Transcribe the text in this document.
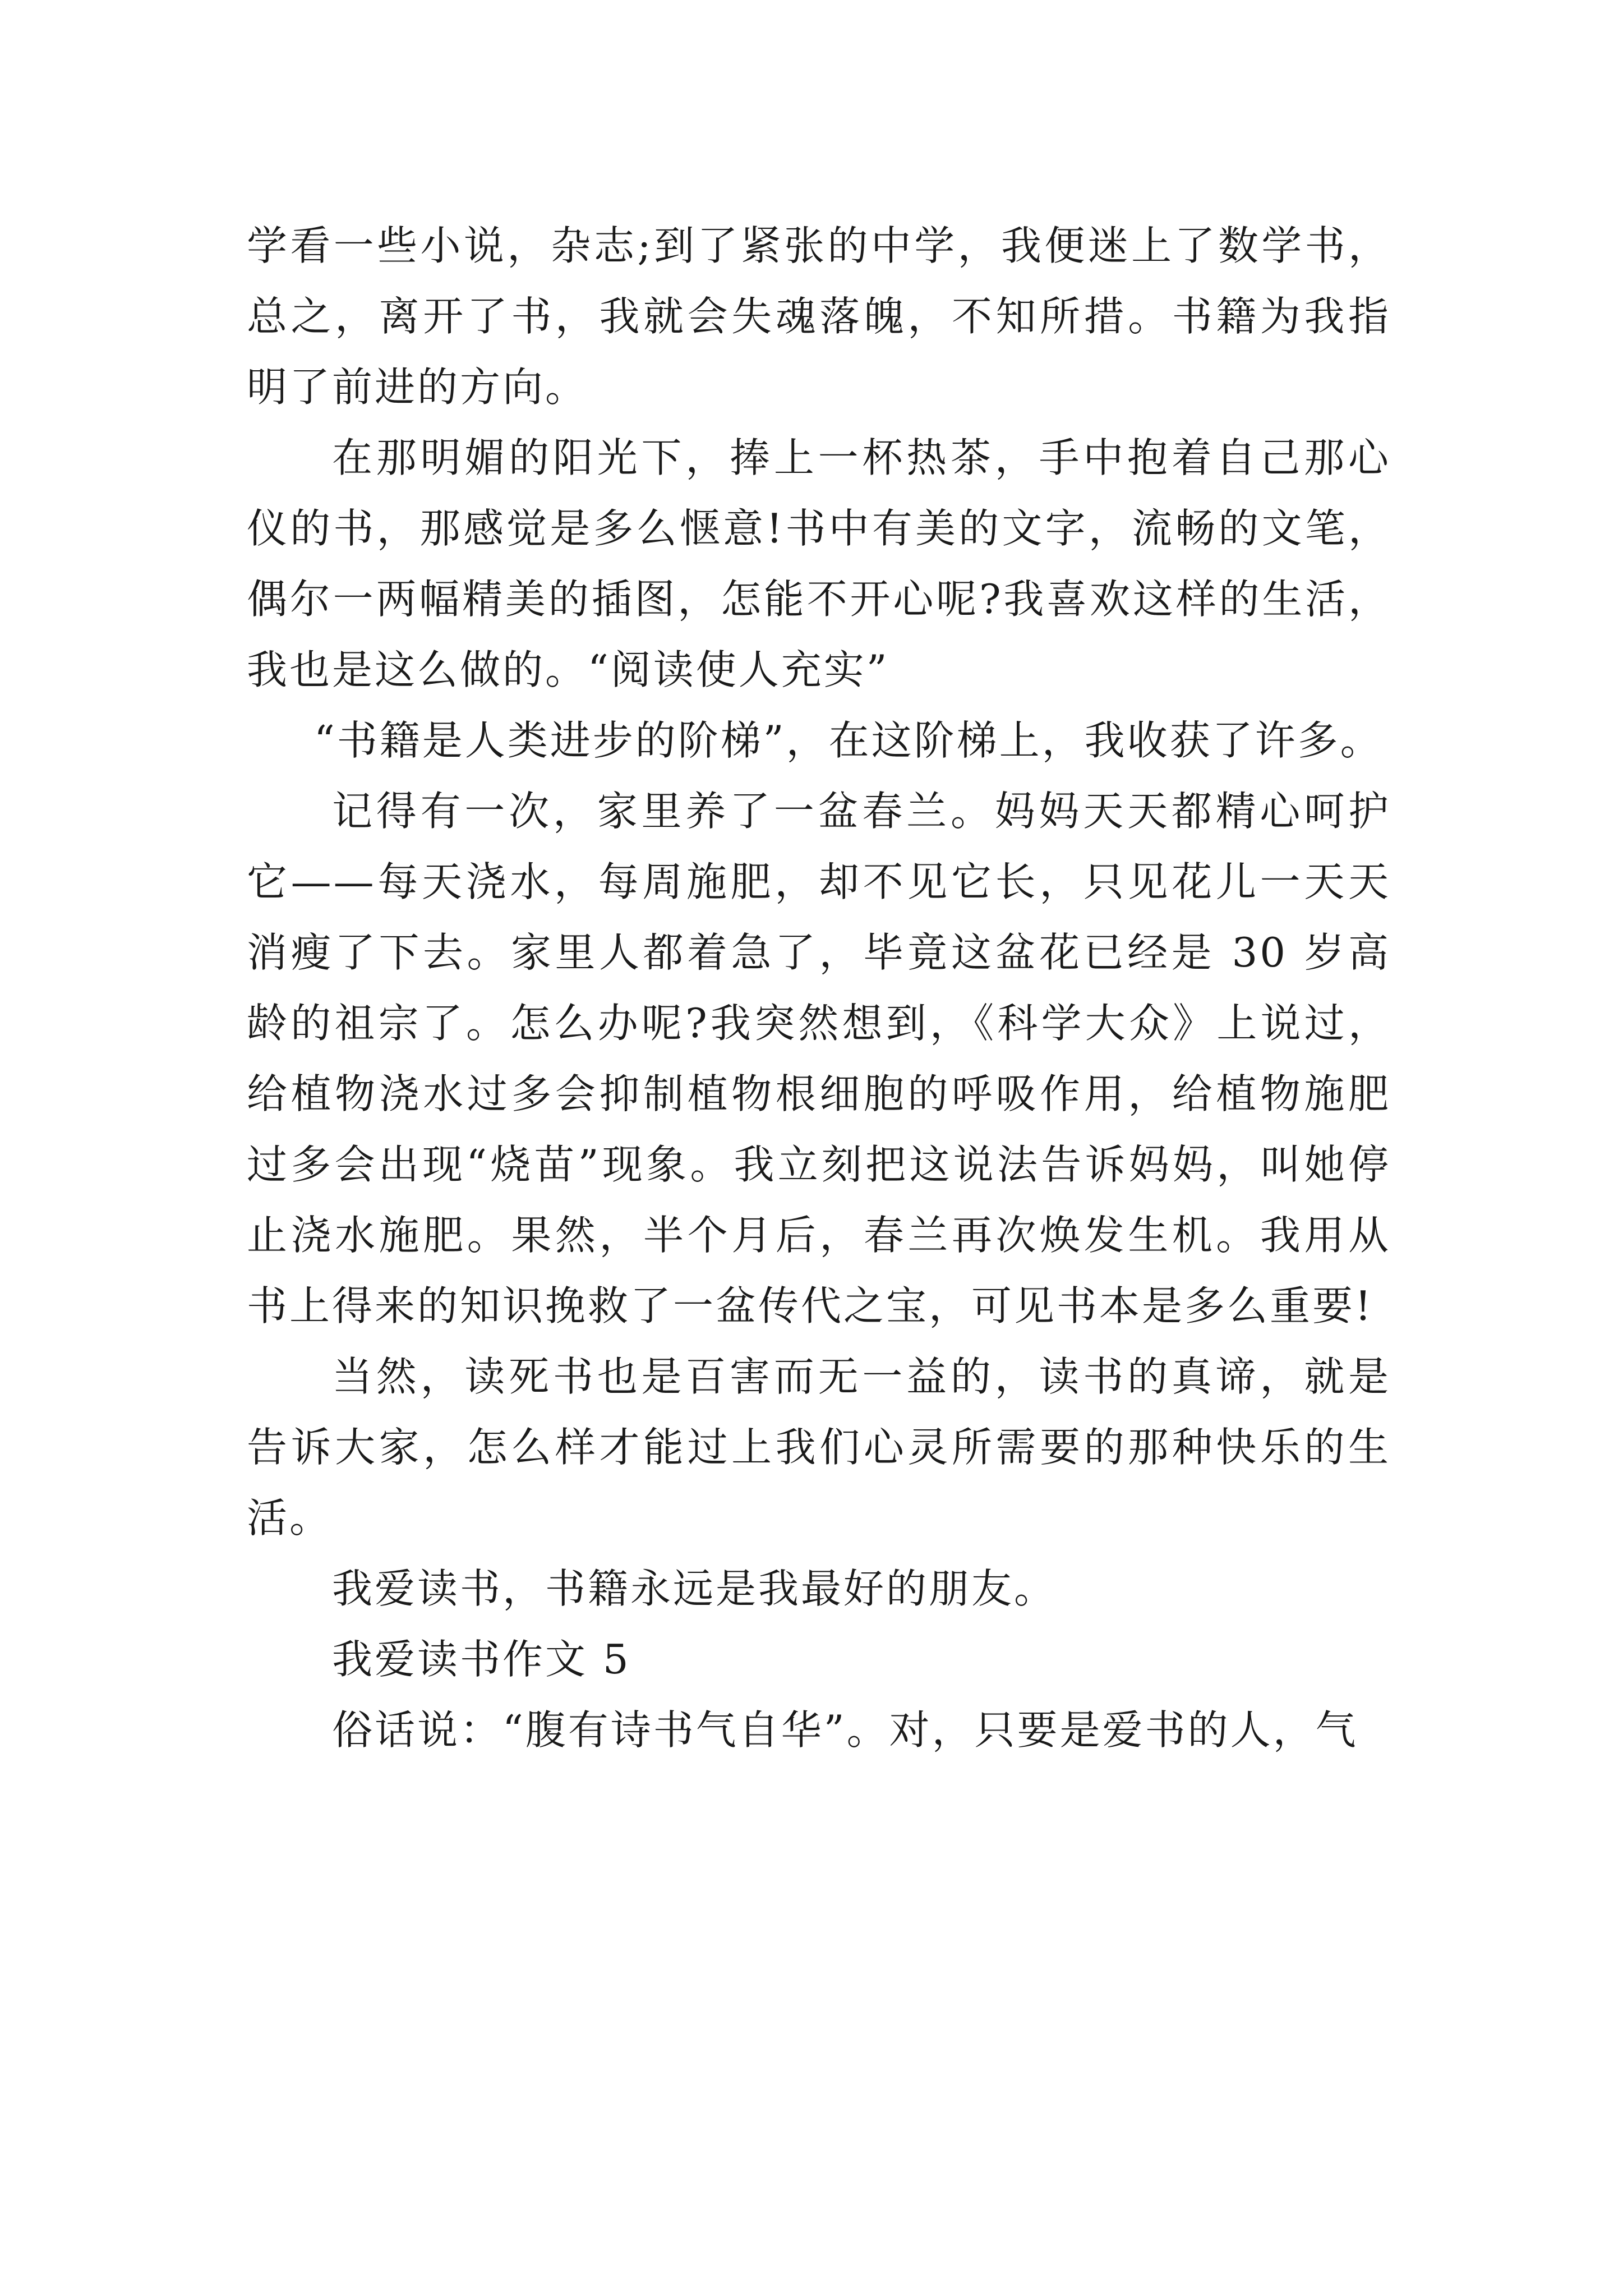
学看一些小说，杂志;到了紧张的中学，我便迷上了数学书，总之，离开了书，我就会失魂落魄，不知所措。书籍为我指明了前进的方向。

在那明媚的阳光下，捧上一杯热茶，手中抱着自己那心仪的书，那感觉是多么惬意!书中有美的文字，流畅的文笔，偶尔一两幅精美的插图，怎能不开心呢?我喜欢这样的生活，我也是这么做的。“阅读使人充实”

“书籍是人类进步的阶梯”，在这阶梯上，我收获了许多。

记得有一次，家里养了一盆春兰。妈妈天天都精心呵护它——每天浇水，每周施肥，却不见它长，只见花儿一天天消瘦了下去。家里人都着急了，毕竟这盆花已经是 30 岁高龄的祖宗了。怎么办呢?我突然想到，《科学大众》上说过，给植物浇水过多会抑制植物根细胞的呼吸作用，给植物施肥过多会出现“烧苗”现象。我立刻把这说法告诉妈妈，叫她停止浇水施肥。果然，半个月后，春兰再次焕发生机。我用从书上得来的知识挽救了一盆传代之宝，可见书本是多么重要!

当然，读死书也是百害而无一益的，读书的真谛，就是告诉大家，怎么样才能过上我们心灵所需要的那种快乐的生活。

我爱读书，书籍永远是我最好的朋友。

我爱读书作文 5

俗话说：“腹有诗书气自华”。对，只要是爱书的人，气
